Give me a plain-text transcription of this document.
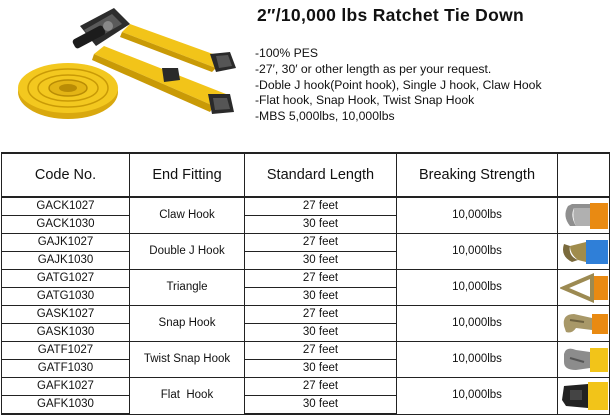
2″/10,000 lbs Ratchet Tie Down
-100% PES
-27′, 30′ or other length as per your request.
-Doble J hook(Point hook), Single J hook, Claw Hook
-Flat hook, Snap Hook, Twist Snap Hook
-MBS 5,000lbs, 10,000lbs
Code No.	End Fitting	Standard Length	Breaking Strength	
GACK1027	Claw Hook	27 feet	10,000lbs	

GACK1030		30 feet		
GAJK1027	Double J Hook	27 feet	10,000lbs	

GAJK1030		30 feet		
GATG1027	Triangle	27 feet	10,000lbs	

GATG1030		30 feet		
GASK1027	Snap Hook	27 feet	10,000lbs	

GASK1030		30 feet		
GATF1027	Twist Snap Hook	27 feet	10,000lbs	

GATF1030		30 feet		
GAFK1027	Flat  Hook	27 feet	10,000lbs	

GAFK1030		30 feet		
